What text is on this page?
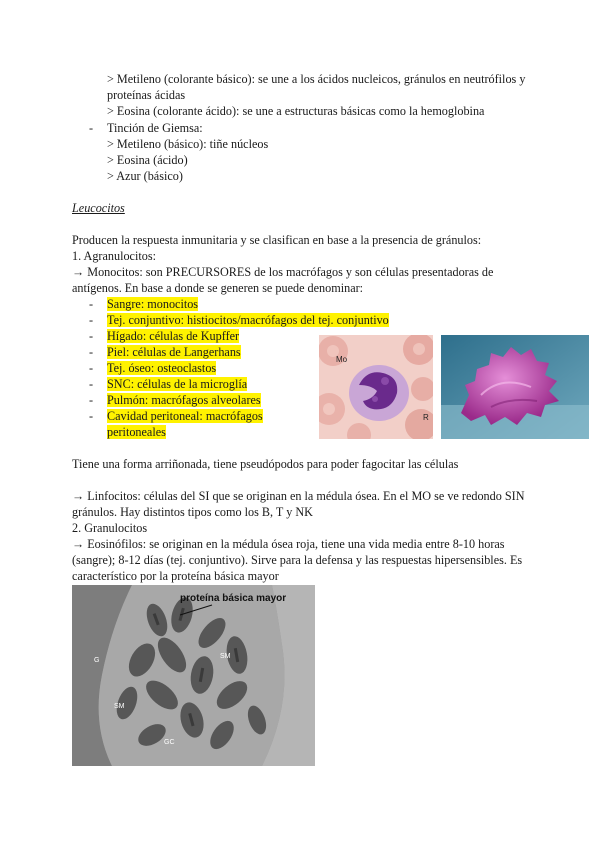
> Metileno (colorante básico): se une a los ácidos nucleicos, gránulos en neutrófilos y
proteínas ácidas
> Eosina (colorante ácido): se une a estructuras básicas como la hemoglobina
- Tinción de Giemsa:
> Metileno (básico): tiñe núcleos
> Eosina (ácido)
> Azur (básico)
Leucocitos
Producen la respuesta inmunitaria y se clasifican en base a la presencia de gránulos:
1. Agranulocitos:
→ Monocitos: son PRECURSORES de los macrófagos y son células presentadoras de
antígenos. En base a donde se generen se puede denominar:
- Sangre: monocitos
- Tej. conjuntivo: histiocitos/macrófagos del tej. conjuntivo
- Hígado: células de Kupffer
- Piel: células de Langerhans
- Tej. óseo: osteoclastos
- SNC: células de la microglía
- Pulmón: macrófagos alveolares
- Cavidad peritoneal: macrófagos
peritoneales
Mo
R
Tiene una forma arriñonada, tiene pseudópodos para poder fagocitar las células
→ Linfocitos: células del SI que se originan en la médula ósea. En el MO se ve redondo SIN
gránulos. Hay distintos tipos como los B, T y NK
2. Granulocitos
→ Eosinófilos: se originan en la médula ósea roja, tiene una vida media entre 8-10 horas
(sangre); 8-12 días (tej. conjuntivo). Sirve para la defensa y las respuestas hipersensibles. Es
característico por la proteína básica mayor
proteína básica mayor
SM
SM
GC
G
